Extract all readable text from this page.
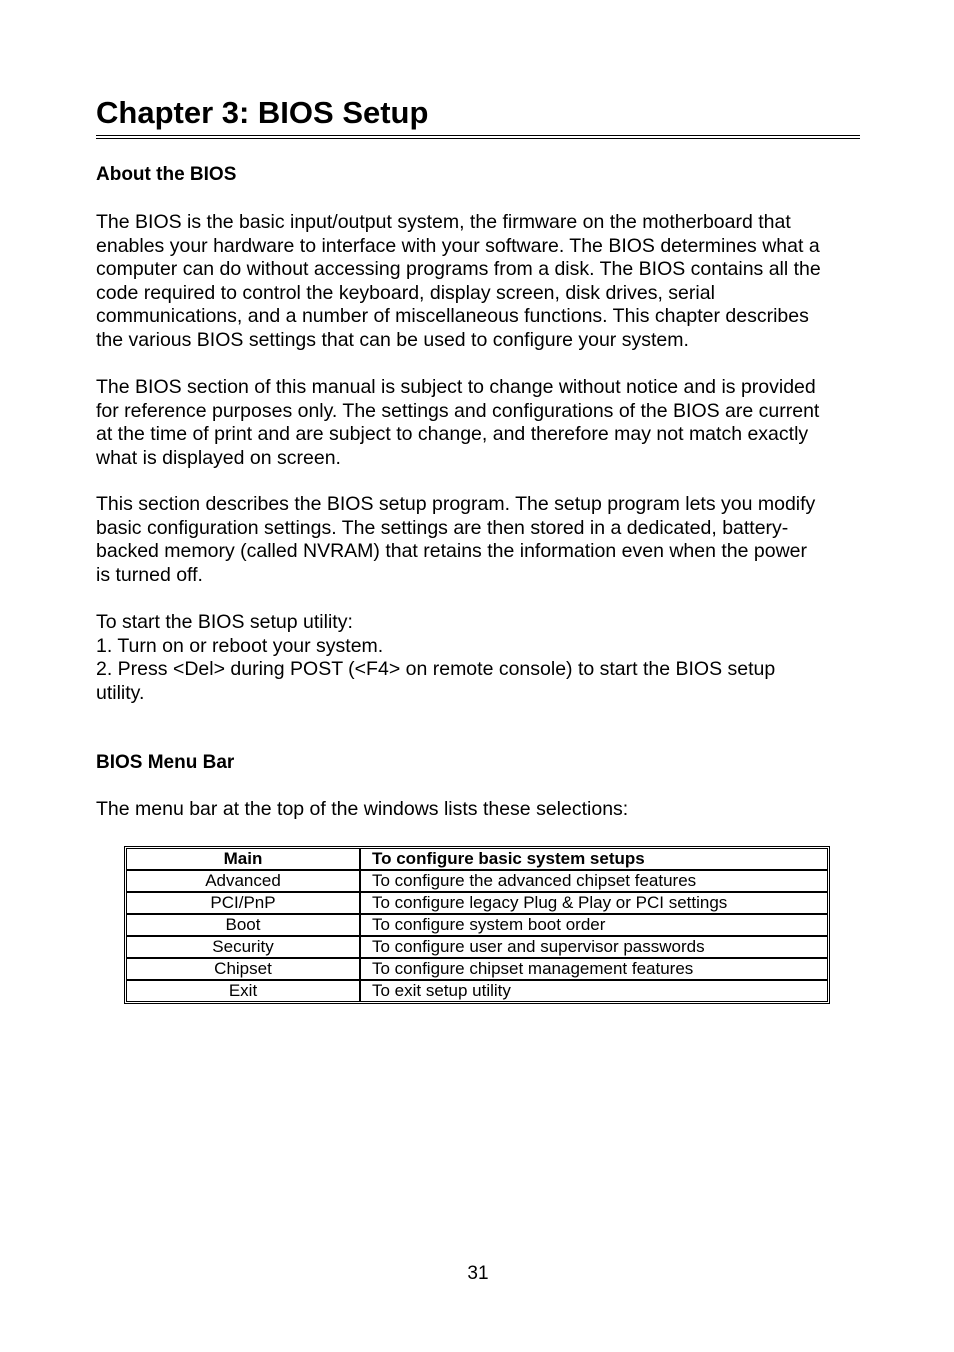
Chapter 3: BIOS Setup
About the BIOS

The BIOS is the basic input/output system, the firmware on the motherboard that
enables your hardware to interface with your software. The BIOS determines what a
computer can do without accessing programs from a disk. The BIOS contains all the
code required to control the keyboard, display screen, disk drives, serial
communications, and a number of miscellaneous functions. This chapter describes
the various BIOS settings that can be used to configure your system.

The BIOS section of this manual is subject to change without notice and is provided
for reference purposes only. The settings and configurations of the BIOS are current
at the time of print and are subject to change, and therefore may not match exactly
what is displayed on screen.

This section describes the BIOS setup program. The setup program lets you modify
basic configuration settings. The settings are then stored in a dedicated, battery-
backed memory (called NVRAM) that retains the information even when the power
is turned off.

To start the BIOS setup utility:
1. Turn on or reboot your system.
2. Press <Del> during POST (<F4> on remote console) to start the BIOS setup
utility.

BIOS Menu Bar

The menu bar at the top of the windows lists these selections:

Main	To configure basic system setups
Advanced	To configure the advanced chipset features
PCI/PnP	To configure legacy Plug & Play or PCI settings
Boot	To configure system boot order
Security	To configure user and supervisor passwords
Chipset	To configure chipset management features
Exit	To exit setup utility
31
